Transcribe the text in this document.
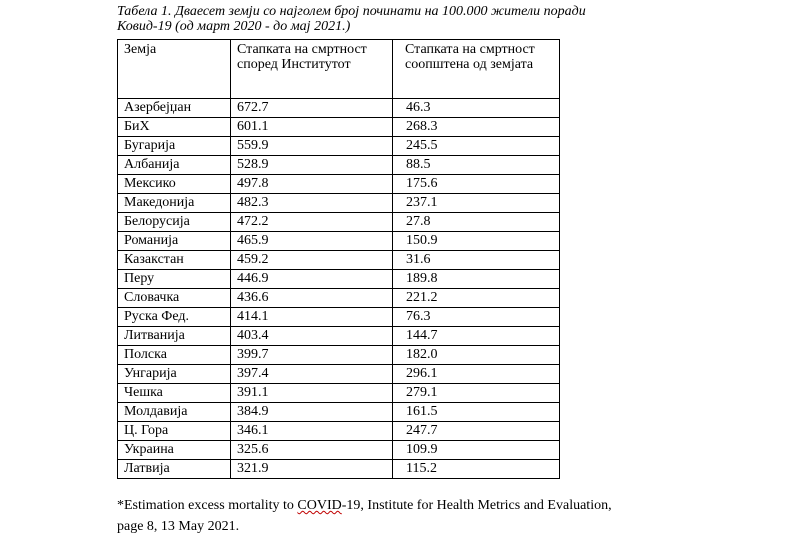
Табела 1. Дваесет земји со најголем број починати на 100.000 жители поради
Ковид-19 (од март 2020 - до мај 2021.)
Земја	Стапката на смртност според Институтот	Стапката на смртност соопштена од земјата
Азербејџан	672.7	46.3
БиХ	601.1	268.3
Бугарија	559.9	245.5
Албанија	528.9	88.5
Мексико	497.8	175.6
Македонија	482.3	237.1
Белорусија	472.2	27.8
Романија	465.9	150.9
Казакстан	459.2	31.6
Перу	446.9	189.8
Словачка	436.6	221.2
Руска Фед.	414.1	76.3
Литванија	403.4	144.7
Полска	399.7	182.0
Унгарија	397.4	296.1
Чешка	391.1	279.1
Молдавија	384.9	161.5
Ц. Гора	346.1	247.7
Украина	325.6	109.9
Латвија	321.9	115.2
*Estimation excess mortality to COVID-19, Institute for Health Metrics and Evaluation, page 8, 13 May 2021.
